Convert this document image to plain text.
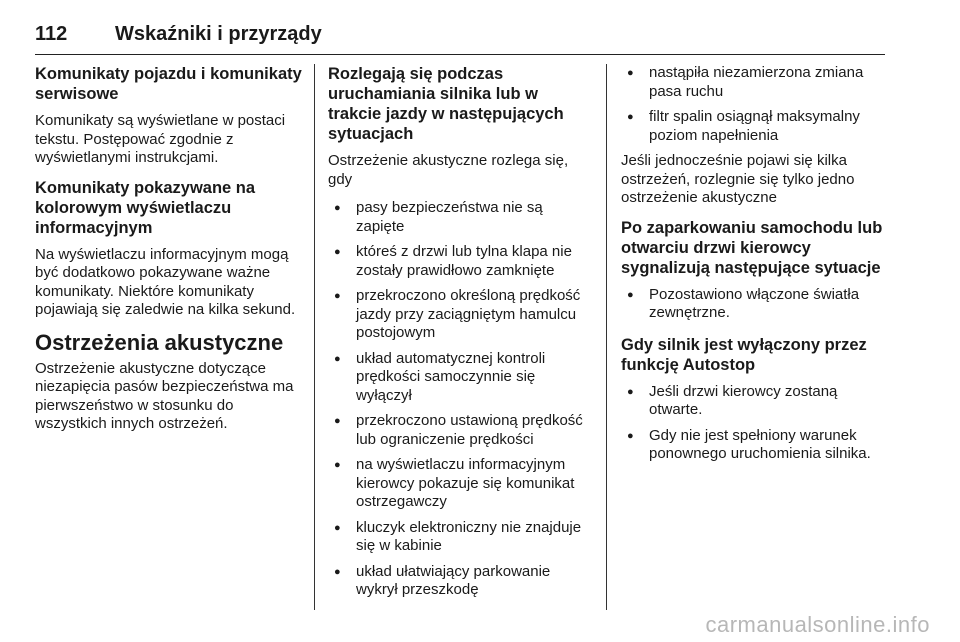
112 Wskaźniki i przyrządy
Komunikaty pojazdu i komunikaty serwisowe

Komunikaty są wyświetlane w postaci tekstu. Postępować zgodnie z wyświetlanymi instrukcjami.

Komunikaty pokazywane na kolorowym wyświetlaczu informacyjnym

Na wyświetlaczu informacyjnym mogą być dodatkowo pokazywane ważne komunikaty. Niektóre komunikaty pojawiają się zaledwie na kilka sekund.

Ostrzeżenia akustyczne

Ostrzeżenie akustyczne dotyczące niezapięcia pasów bezpieczeństwa ma pierwszeństwo w stosunku do wszystkich innych ostrzeżeń.

Rozlegają się podczas uruchamiania silnika lub w trakcie jazdy w następujących sytuacjach

Ostrzeżenie akustyczne rozlega się, gdy

● pasy bezpieczeństwa nie są zapięte
● któreś z drzwi lub tylna klapa nie zostały prawidłowo zamknięte
● przekroczono określoną prędkość jazdy przy zaciągniętym hamulcu postojowym
● układ automatycznej kontroli prędkości samoczynnie się wyłączył
● przekroczono ustawioną prędkość lub ograniczenie prędkości
● na wyświetlaczu informacyjnym kierowcy pokazuje się komunikat ostrzegawczy
● kluczyk elektroniczny nie znajduje się w kabinie
● układ ułatwiający parkowanie wykrył przeszkodę
● nastąpiła niezamierzona zmiana pasa ruchu
● filtr spalin osiągnął maksymalny poziom napełnienia

Jeśli jednocześnie pojawi się kilka ostrzeżeń, rozlegnie się tylko jedno ostrzeżenie akustyczne

Po zaparkowaniu samochodu lub otwarciu drzwi kierowcy sygnalizują następujące sytuacje
● Pozostawiono włączone światła zewnętrzne.
Gdy silnik jest wyłączony przez funkcję Autostop
● Jeśli drzwi kierowcy zostaną otwarte.
● Gdy nie jest spełniony warunek ponownego uruchomienia silnika.
carmanualsonline.info
